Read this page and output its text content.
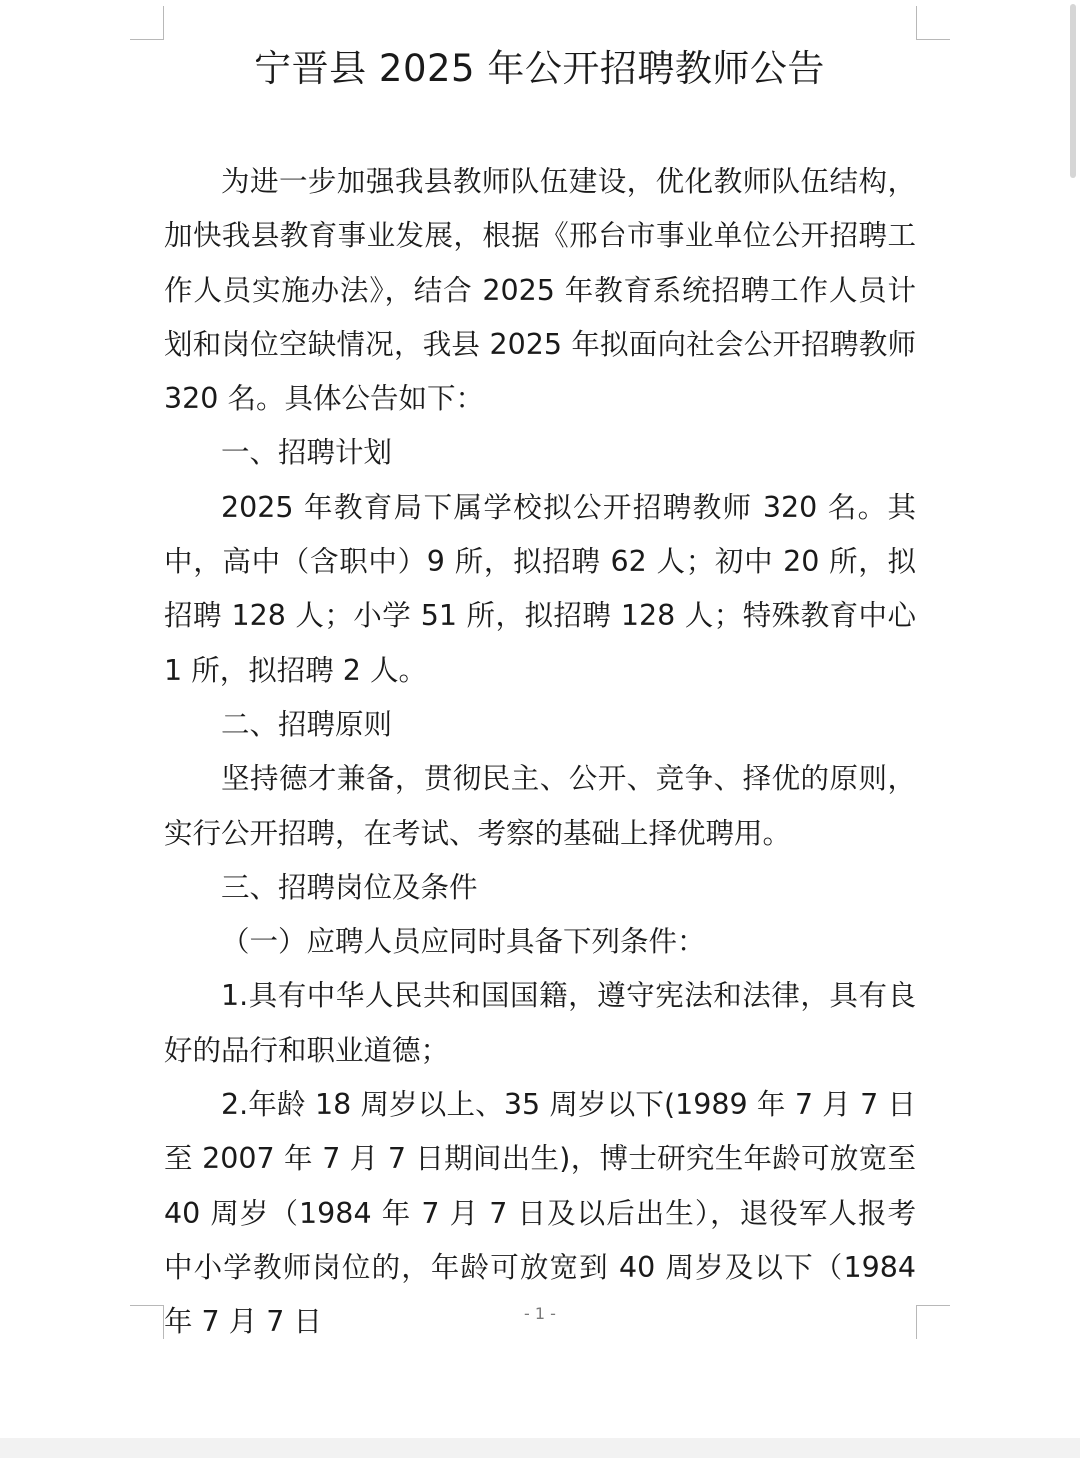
宁晋县 2025 年公开招聘教师公告

为进一步加强我县教师队伍建设，优化教师队伍结构，加快我县教育事业发展，根据《邢台市事业单位公开招聘工作人员实施办法》，结合 2025 年教育系统招聘工作人员计划和岗位空缺情况，我县 2025 年拟面向社会公开招聘教师 320 名。具体公告如下：

一、招聘计划

2025 年教育局下属学校拟公开招聘教师 320 名。其中，高中（含职中）9 所，拟招聘 62 人；初中 20 所，拟招聘 128 人；小学 51 所，拟招聘 128 人；特殊教育中心 1 所，拟招聘 2 人。

二、招聘原则

坚持德才兼备，贯彻民主、公开、竞争、择优的原则，实行公开招聘，在考试、考察的基础上择优聘用。

三、招聘岗位及条件

（一）应聘人员应同时具备下列条件：

1.具有中华人民共和国国籍，遵守宪法和法律，具有良好的品行和职业道德；

2.年龄 18 周岁以上、35 周岁以下(1989 年 7 月 7 日至 2007 年 7 月 7 日期间出生)，博士研究生年龄可放宽至 40 周岁（1984 年 7 月 7 日及以后出生），退役军人报考中小学教师岗位的，年龄可放宽到 40 周岁及以下（1984 年 7 月 7 日	- 1 -
